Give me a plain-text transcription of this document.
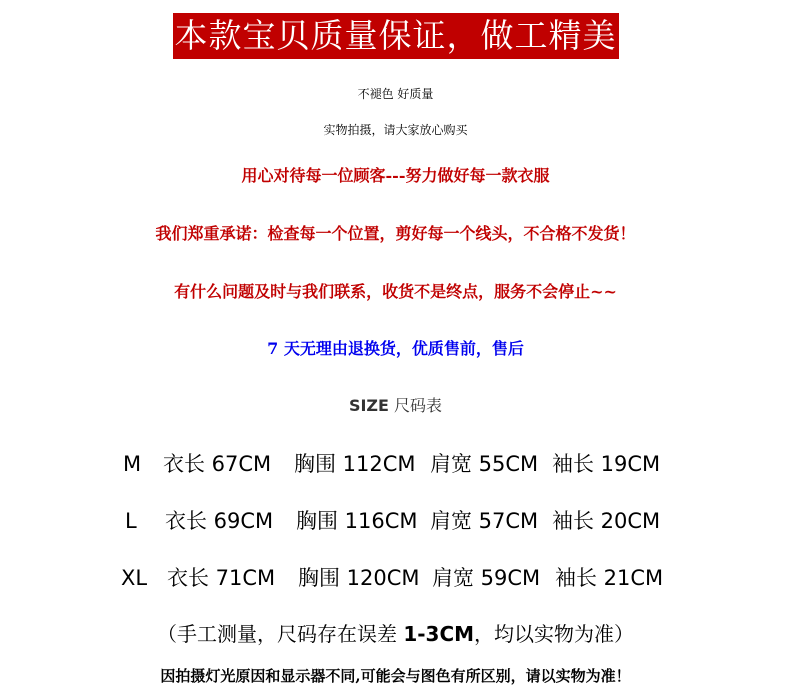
本款宝贝质量保证，做工精美
不褪色 好质量
实物拍摄，请大家放心购买
用心对待每一位顾客---努力做好每一款衣服
我们郑重承诺：检查每一个位置，剪好每一个线头，不合格不发货！
有什么问题及时与我们联系，收货不是终点，服务不会停止~~
7 天无理由退换货，优质售前，售后
SIZE 尺码表
M 衣长 67CM 胸围 112CM 肩宽 55CM 袖长 19CM
L 衣长 69CM 胸围 116CM 肩宽 57CM 袖长 20CM
XL 衣长 71CM 胸围 120CM 肩宽 59CM 袖长 21CM
（手工测量，尺码存在误差 1-3CM，均以实物为准）
因拍摄灯光原因和显示器不同,可能会与图色有所区别，请以实物为准！
